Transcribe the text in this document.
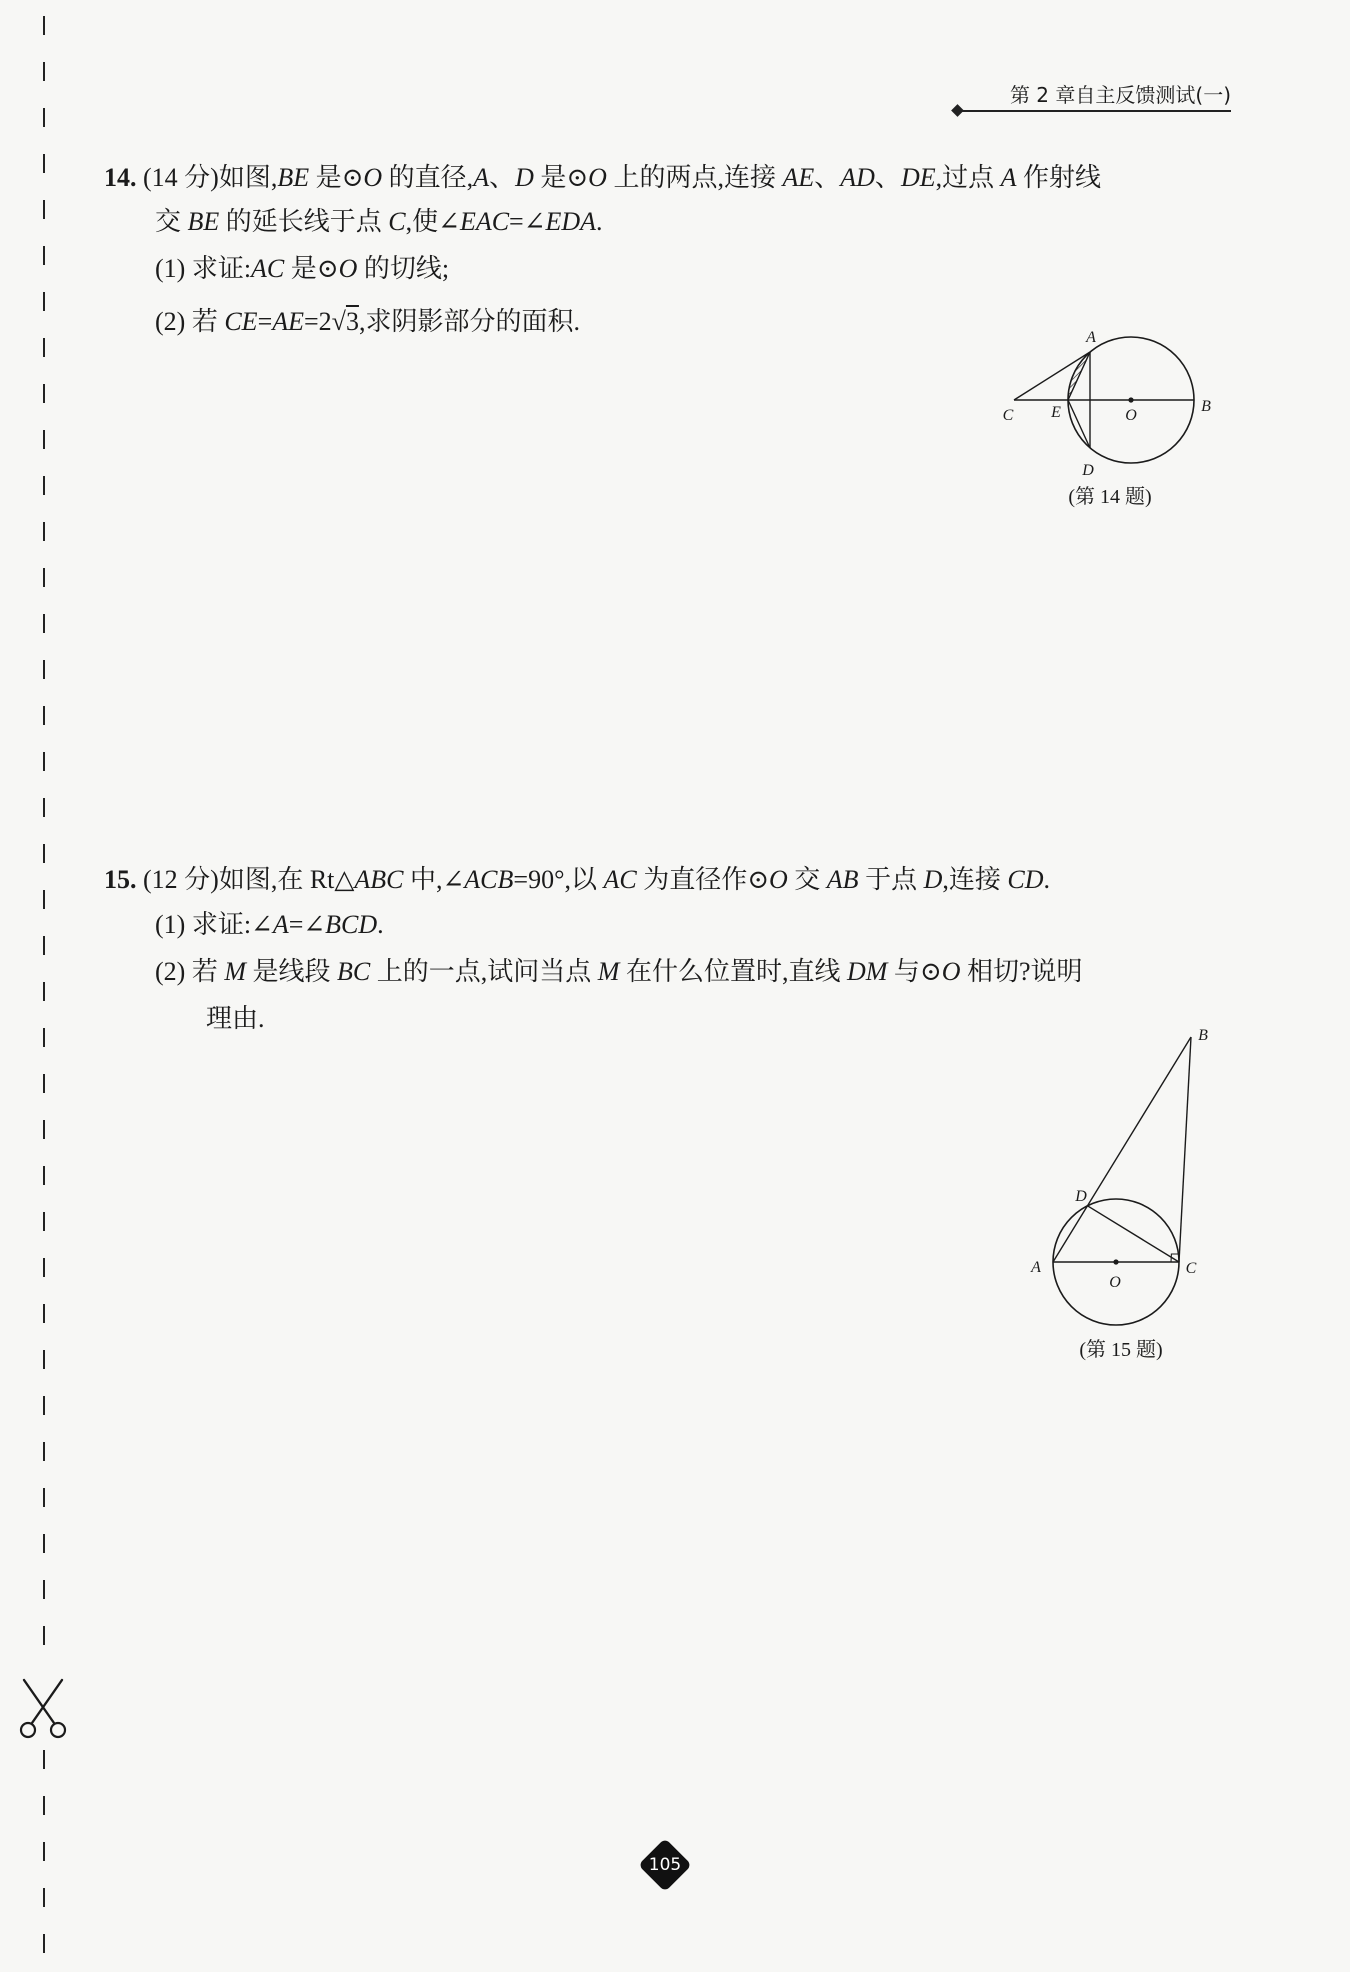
第 2 章自主反馈测试(一)
14. (14 分)如图,BE 是⊙O 的直径,A、D 是⊙O 上的两点,连接 AE、AD、DE,过点 A 作射线
交 BE 的延长线于点 C,使∠EAC=∠EDA.
(1) 求证:AC 是⊙O 的切线;
(2) 若 CE=AE=2√3,求阴影部分的面积.
A
C E	O
B
D
(第 14 题)
15. (12 分)如图,在 Rt△ABC 中,∠ACB=90°,以 AC 为直径作⊙O 交 AB 于点 D,连接 CD.
(1) 求证:∠A=∠BCD.
(2) 若 M 是线段 BC 上的一点,试问当点 M 在什么位置时,直线 DM 与⊙O 相切?说明
理由.
B
D
A	C
O
(第 15 题)
105
